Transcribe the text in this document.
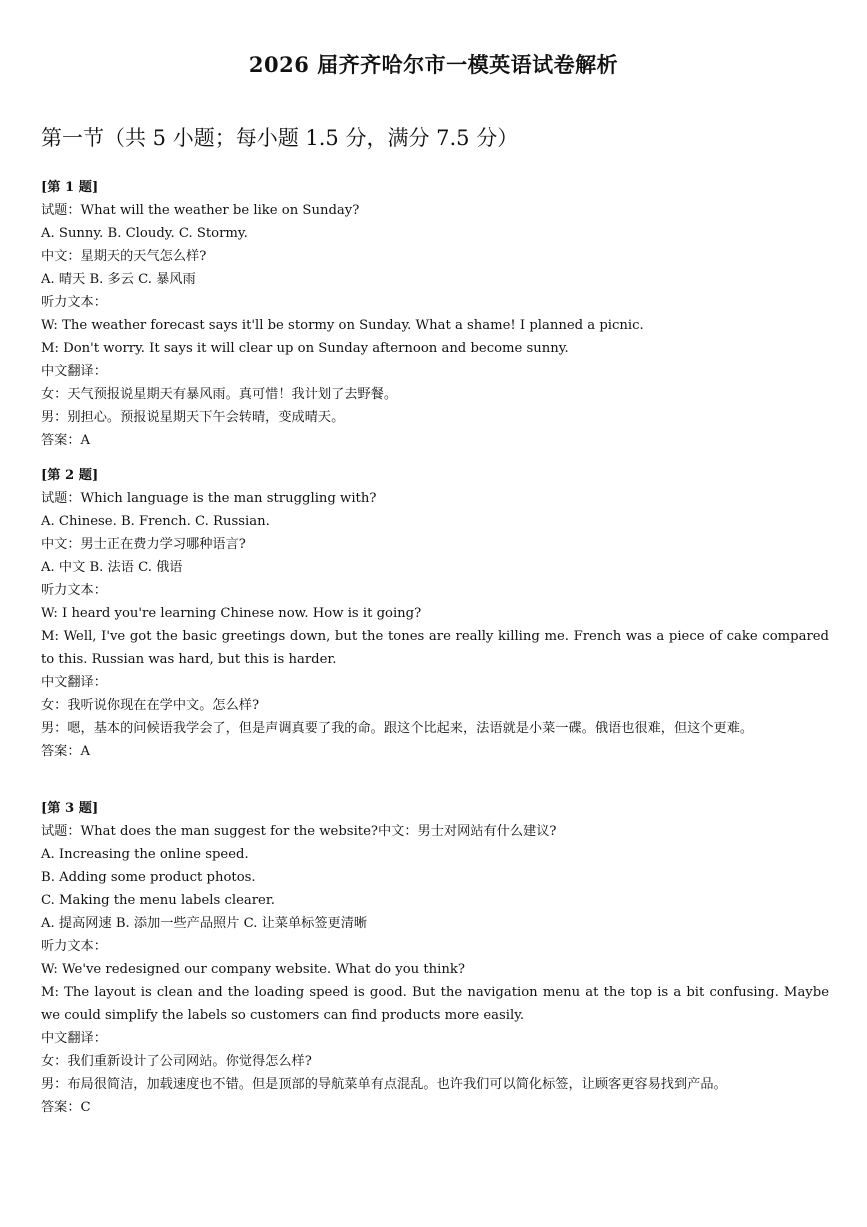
2026 届齐齐哈尔市一模英语试卷解析
第一节（共 5 小题；每小题 1.5 分，满分 7.5 分）
[第 1 题]
试题：What will the weather be like on Sunday?
A. Sunny. B. Cloudy. C. Stormy.
中文：星期天的天气怎么样?
A. 晴天 B. 多云 C. 暴风雨
听力文本：
W: The weather forecast says it'll be stormy on Sunday. What a shame! I planned a picnic.
M: Don't worry. It says it will clear up on Sunday afternoon and become sunny.
中文翻译：
女：天气预报说星期天有暴风雨。真可惜！我计划了去野餐。
男：别担心。预报说星期天下午会转晴，变成晴天。
答案：A
[第 2 题]
试题：Which language is the man struggling with?
A. Chinese. B. French. C. Russian.
中文：男士正在费力学习哪种语言?
A. 中文 B. 法语 C. 俄语
听力文本：
W: I heard you're learning Chinese now. How is it going?
M: Well, I've got the basic greetings down, but the tones are really killing me. French was a piece of cake compared to this. Russian was hard, but this is harder.
中文翻译：
女：我听说你现在在学中文。怎么样?
男：嗯，基本的问候语我学会了，但是声调真要了我的命。跟这个比起来，法语就是小菜一碟。俄语也很难，但这个更难。
答案：A
[第 3 题]
试题：What does the man suggest for the website?中文：男士对网站有什么建议?
A. Increasing the online speed.
B. Adding some product photos.
C. Making the menu labels clearer.
A. 提高网速 B. 添加一些产品照片 C. 让菜单标签更清晰
听力文本：
W: We've redesigned our company website. What do you think?
M: The layout is clean and the loading speed is good. But the navigation menu at the top is a bit confusing. Maybe we could simplify the labels so customers can find products more easily.
中文翻译：
女：我们重新设计了公司网站。你觉得怎么样?
男：布局很简洁，加载速度也不错。但是顶部的导航菜单有点混乱。也许我们可以简化标签，让顾客更容易找到产品。
答案：C
